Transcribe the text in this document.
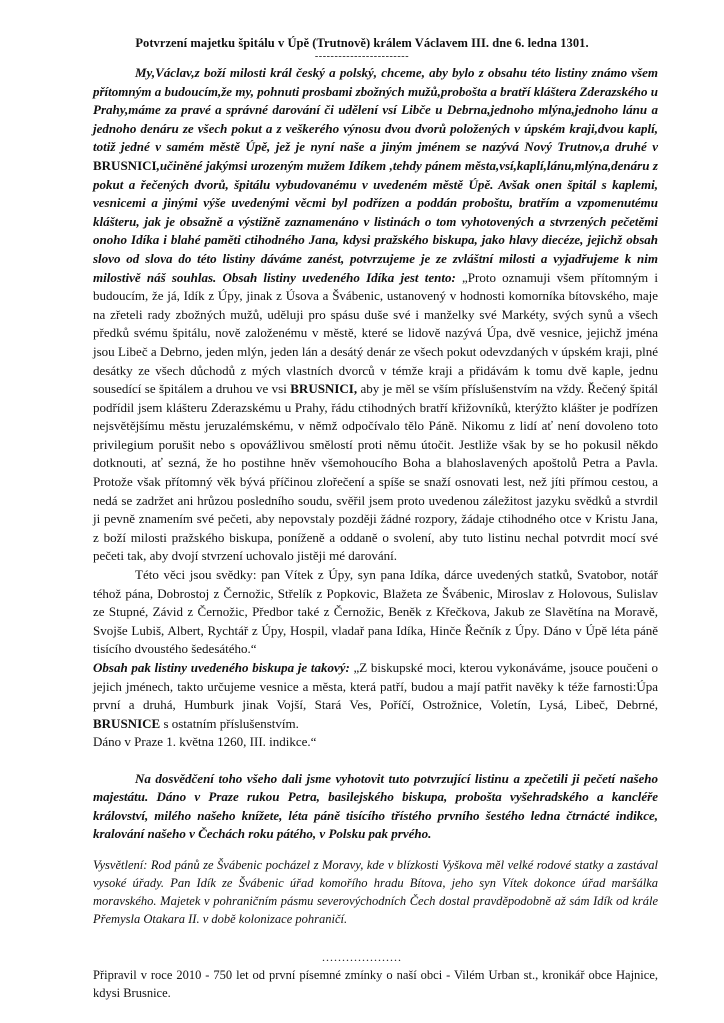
Potvrzení majetku špitálu v Úpě (Trutnově) králem Václavem III. dne 6. ledna 1301.
------------------------

My,Václav,z boží milosti král český a polský, chceme, aby bylo z obsahu této listiny známo všem přítomným a budoucím,že my, pohnuti prosbami zbožných mužů,probošta a bratří kláštera Zderazského u Prahy,máme za pravé a správné darování či udělení vsí Libče u Debrna,jednoho mlýna,jednoho lánu a jednoho denáru ze všech pokut a z veškerého výnosu dvou dvorů položených v úpském kraji,dvou kaplí, totiž jedné v samém městě Úpě, jež je nyní naše a jiným jménem se nazývá Nový Trutnov,a druhé v BRUSNICI,učiněné jakýmsi urozeným mužem Idíkem ,tehdy pánem města,vsí,kaplí,lánu,mlýna,denáru z pokut a řečených dvorů, špitálu vybudovanému v uvedeném městě Úpě. Avšak onen špitál s kaplemi, vesnicemi a jinými výše uvedenými věcmi byl podřízen a poddán proboštu, bratřím a vzpomenutému klášteru, jak je obsažně a výstižně zaznamenáno v listinách o tom vyhotovených a stvrzených pečetěmi onoho Idíka i blahé paměti ctihodného Jana, kdysi pražského biskupa, jako hlavy diecéze, jejichž obsah slovo od slova do této listiny dáváme zanést, potvrzujeme je ze zvláštní milosti a vyjadřujeme k nim milostivě náš souhlas. Obsah listiny uvedeného Idíka jest tento: „Proto oznamuji všem přítomným i budoucím, že já, Idík z Úpy, jinak z Úsova a Švábenic, ustanovený v hodnosti komorníka bítovského, maje na zřeteli rady zbožných mužů, uděluji pro spásu duše své i manželky své Markéty, svých synů a všech předků svému špitálu, nově založenému v městě, které se lidově nazývá Úpa, dvě vesnice, jejichž jména jsou Libeč a Debrno, jeden mlýn, jeden lán a desátý denár ze všech pokut odevzdaných v úpském kraji, plné desátky ze všech důchodů z mých vlastních dvorců v témže kraji a přidávám k tomu dvě kaple, jednu sousedící se špitálem a druhou ve vsi BRUSNICI, aby je měl se vším příslušenstvím na vždy. Řečený špitál podřídil jsem klášteru Zderazskému u Prahy, řádu ctihodných bratří křižovníků, kterýžto klášter je podřízen nejsvětějšímu městu jeruzalémskému, v němž odpočívalo tělo Páně. Nikomu z lidí ať není dovoleno toto privilegium porušit nebo s opovážlivou smělostí proti němu útočit. Jestliže však by se ho pokusil někdo dotknouti, ať sezná, že ho postihne hněv všemohoucího Boha a blahoslavených apoštolů Petra a Pavla. Protože však přítomný věk bývá příčinou zlořečení a spíše se snaží osnovati lest, než jíti přímou cestou, a nedá se zadržet ani hrůzou posledního soudu, svěřil jsem proto uvedenou záležitost jazyku svědků a stvrdil ji pevně znamením své pečeti, aby nepovstaly později žádné rozpory, žádaje ctihodného otce v Kristu Jana, z boží milosti pražského biskupa, poníženě a oddaně o svolení, aby tuto listinu nechal potvrdit mocí své pečeti tak, aby dvojí stvrzení uchovalo jistěji mé darování.

Této věci jsou svědky: pan Vítek z Úpy, syn pana Idíka, dárce uvedených statků, Svatobor, notář téhož pána, Dobrostoj z Černožic, Střelík z Popkovic, Blažeta ze Švábenic, Miroslav z Holovous, Sulislav ze Stupné, Závid z Černožic, Předbor také z Černožic, Beněk z Křečkova, Jakub ze Slavětína na Moravě, Svojše Lubiš, Albert, Rychtář z Úpy, Hospil, vladař pana Idíka, Hinče Řečník z Úpy. Dáno v Úpě léta páně tisícího dvoustého šedesátého.“

Obsah pak listiny uvedeného biskupa je takový: „Z biskupské moci, kterou vykonáváme, jsouce poučeni o jejich jménech, takto určujeme vesnice a města, která patří, budou a mají patřit navěky k téže farnosti:Úpa první a druhá, Humburk jinak Vojší, Stará Ves, Poříčí, Ostrožnice, Voletín, Lysá, Libeč, Debrné, BRUSNICE s ostatním příslušenstvím.

Dáno v Praze 1. května 1260, III. indikce.“

Na dosvědčení toho všeho dali jsme vyhotovit tuto potvrzující listinu a zpečetili ji pečetí našeho majestátu. Dáno v Praze rukou Petra, basilejského biskupa, probošta vyšehradského a kancléře království, milého našeho knížete, léta páně tisícího třístého prvního šestého ledna čtrnácté indikce, kralování našeho v Čechách roku pátého, v Polsku pak prvého.
Vysvětlení: Rod pánů ze Švábenic pocházel z Moravy, kde v blízkosti Vyškova měl velké rodové statky a zastával vysoké úřady. Pan Idík ze Švábenic úřad komořího hradu Bítova, jeho syn Vítek dokonce úřad maršálka moravského. Majetek v pohraničním pásmu severovýchodních Čech dostal pravděpodobně až sám Idík od krále Přemysla Otakara II. v době kolonizace pohraničí.
....................
Připravil v roce 2010 - 750 let od první písemné zmínky o naší obci - Vilém Urban st., kronikář obce Hajnice, kdysi Brusnice.
